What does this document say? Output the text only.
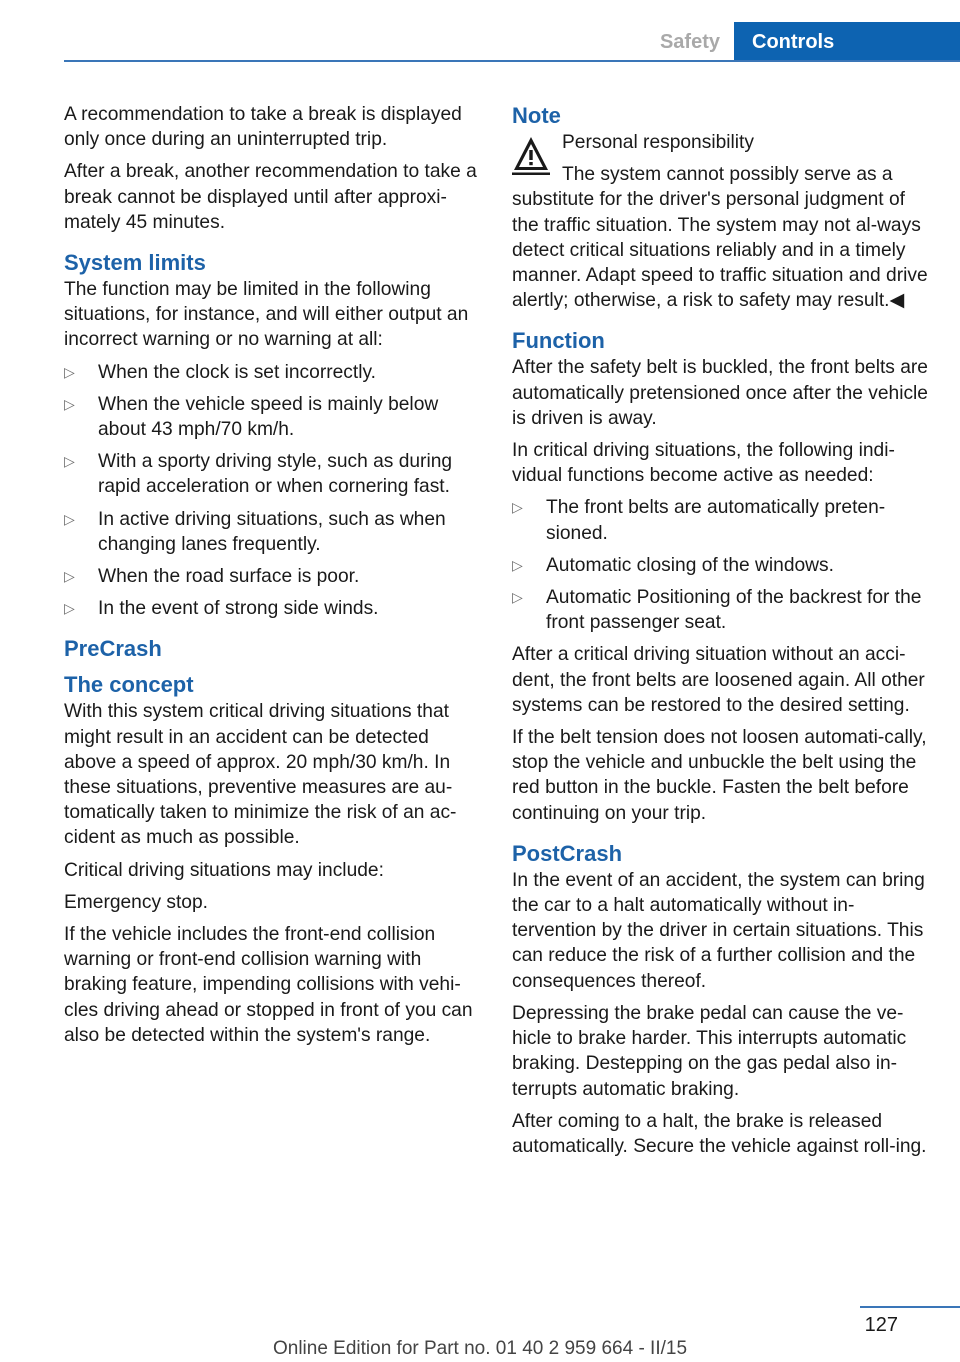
Safety	Controls

A recommendation to take a break is displayed only once during an uninterrupted trip.

After a break, another recommendation to take a break cannot be displayed until after approxi‐mately 45 minutes.

System limits

The function may be limited in the following situations, for instance, and will either output an incorrect warning or no warning at all:

▷ When the clock is set incorrectly.
▷ When the vehicle speed is mainly below about 43 mph/70 km/h.
▷ With a sporty driving style, such as during rapid acceleration or when cornering fast.
▷ In active driving situations, such as when changing lanes frequently.
▷ When the road surface is poor.
▷ In the event of strong side winds.
PreCrash
The concept

With this system critical driving situations that might result in an accident can be detected above a speed of approx. 20 mph/30 km/h. In these situations, preventive measures are au‐tomatically taken to minimize the risk of an ac‐cident as much as possible.

Critical driving situations may include:

Emergency stop.

If the vehicle includes the front-end collision warning or front-end collision warning with braking feature, impending collisions with vehi‐cles driving ahead or stopped in front of you can also be detected within the system's range.

Note

Personal responsibility

The system cannot possibly serve as a substitute for the driver's personal judgment of the traffic situation. The system may not al‐ways detect critical situations reliably and in a timely manner. Adapt speed to traffic situation and drive alertly; otherwise, a risk to safety may result.◀

Function

After the safety belt is buckled, the front belts are automatically pretensioned once after the vehicle is driven is away.

In critical driving situations, the following indi‐vidual functions become active as needed:

▷ The front belts are automatically preten‐sioned.
▷ Automatic closing of the windows.
▷ Automatic Positioning of the backrest for the front passenger seat.

After a critical driving situation without an acci‐dent, the front belts are loosened again. All other systems can be restored to the desired setting.

If the belt tension does not loosen automati‐cally, stop the vehicle and unbuckle the belt using the red button in the buckle. Fasten the belt before continuing on your trip.

PostCrash

In the event of an accident, the system can bring the car to a halt automatically without in‐tervention by the driver in certain situations. This can reduce the risk of a further collision and the consequences thereof.

Depressing the brake pedal can cause the ve‐hicle to brake harder. This interrupts automatic braking. Destepping on the gas pedal also in‐terrupts automatic braking.

After coming to a halt, the brake is released automatically. Secure the vehicle against roll‐ing.

127
Online Edition for Part no. 01 40 2 959 664 - II/15
